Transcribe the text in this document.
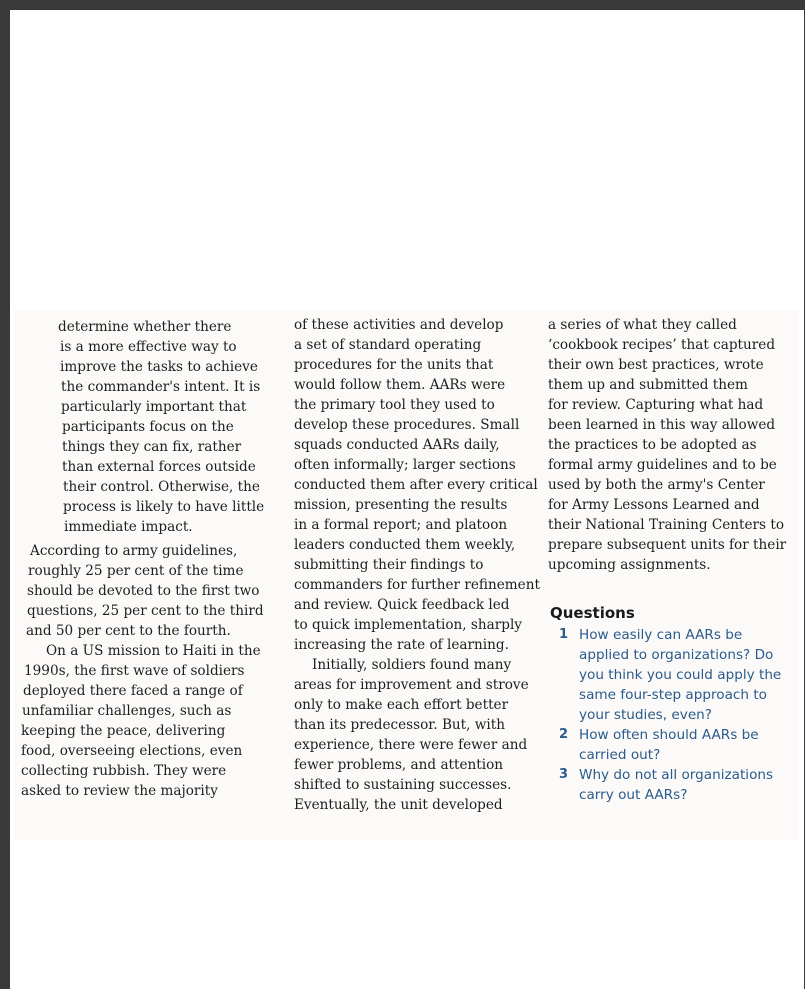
determine whether there
is a more effective way to
improve the tasks to achieve
the commander's intent. It is
particularly important that
participants focus on the
things they can fix, rather
than external forces outside
their control. Otherwise, the
process is likely to have little
immediate impact.
According to army guidelines,
roughly 25 per cent of the time
should be devoted to the first two
questions, 25 per cent to the third
and 50 per cent to the fourth.
On a US mission to Haiti in the
1990s, the first wave of soldiers
deployed there faced a range of
unfamiliar challenges, such as
keeping the peace, delivering
food, overseeing elections, even
collecting rubbish. They were
asked to review the majority
of these activities and develop
a set of standard operating
procedures for the units that
would follow them. AARs were
the primary tool they used to
develop these procedures. Small
squads conducted AARs daily,
often informally; larger sections
conducted them after every critical
mission, presenting the results
in a formal report; and platoon
leaders conducted them weekly,
submitting their findings to
commanders for further refinement
and review. Quick feedback led
to quick implementation, sharply
increasing the rate of learning.
Initially, soldiers found many
areas for improvement and strove
only to make each effort better
than its predecessor. But, with
experience, there were fewer and
fewer problems, and attention
shifted to sustaining successes.
Eventually, the unit developed
a series of what they called
‘cookbook recipes’ that captured
their own best practices, wrote
them up and submitted them
for review. Capturing what had
been learned in this way allowed
the practices to be adopted as
formal army guidelines and to be
used by both the army's Center
for Army Lessons Learned and
their National Training Centers to
prepare subsequent units for their
upcoming assignments.
Questions
1 How easily can AARs be
applied to organizations? Do
you think you could apply the
same four-step approach to
your studies, even?
2 How often should AARs be
carried out?
3 Why do not all organizations
carry out AARs?
